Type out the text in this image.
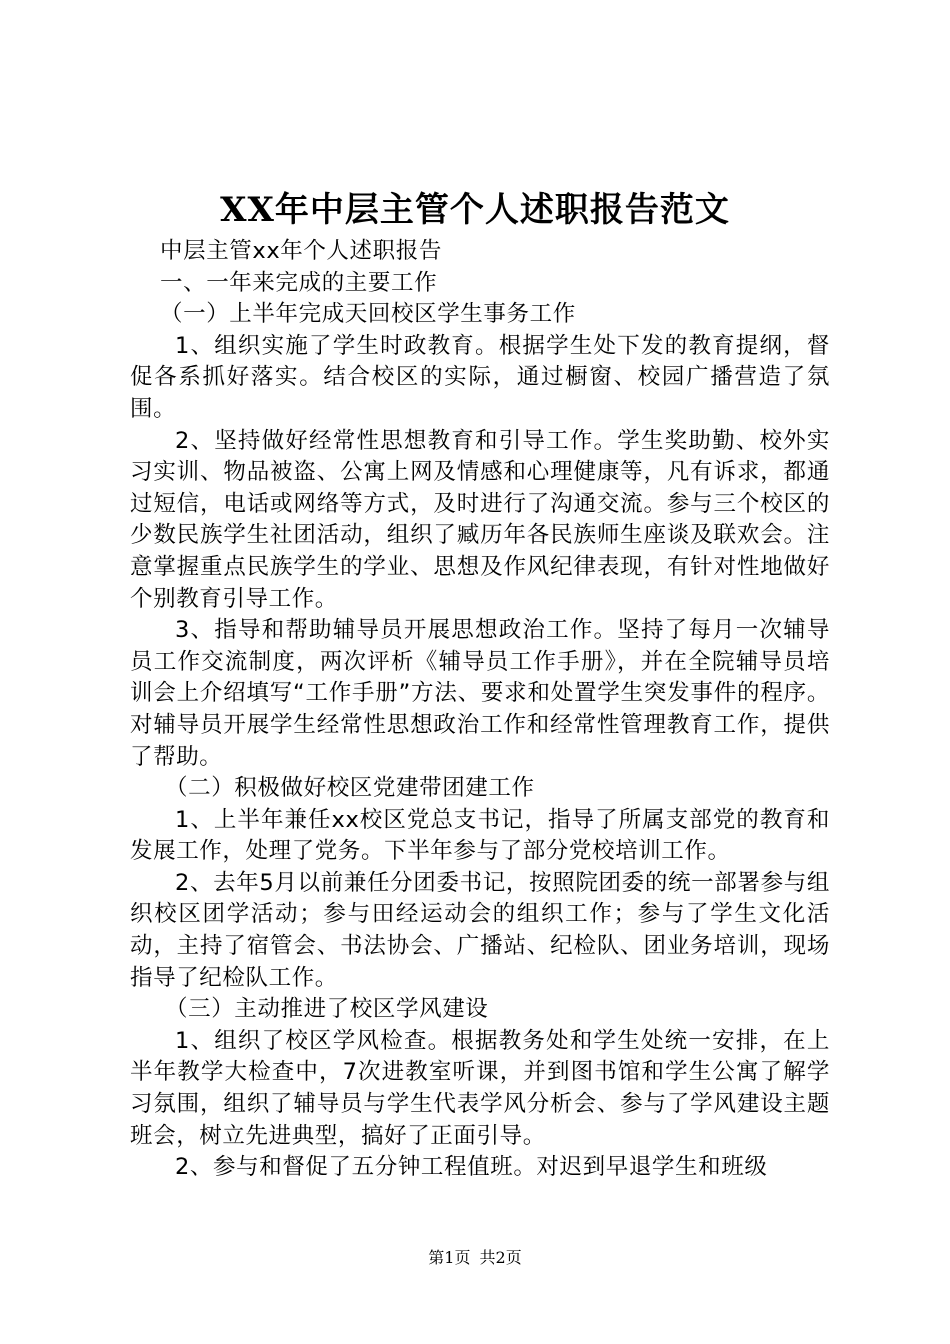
XX年中层主管个人述职报告范文

中层主管xx年个人述职报告

一、一年来完成的主要工作

（一）上半年完成天回校区学生事务工作

1、组织实施了学生时政教育。根据学生处下发的教育提纲，督促各系抓好落实。结合校区的实际，通过橱窗、校园广播营造了氛围。

2、坚持做好经常性思想教育和引导工作。学生奖助勤、校外实习实训、物品被盗、公寓上网及情感和心理健康等，凡有诉求，都通过短信，电话或网络等方式，及时进行了沟通交流。参与三个校区的少数民族学生社团活动，组织了臧历年各民族师生座谈及联欢会。注意掌握重点民族学生的学业、思想及作风纪律表现，有针对性地做好个别教育引导工作。

3、指导和帮助辅导员开展思想政治工作。坚持了每月一次辅导员工作交流制度，两次评析《辅导员工作手册》，并在全院辅导员培训会上介绍填写“工作手册”方法、要求和处置学生突发事件的程序。对辅导员开展学生经常性思想政治工作和经常性管理教育工作，提供了帮助。

（二）积极做好校区党建带团建工作

1、上半年兼任xx校区党总支书记，指导了所属支部党的教育和发展工作，处理了党务。下半年参与了部分党校培训工作。

2、去年5月以前兼任分团委书记，按照院团委的统一部署参与组织校区团学活动；参与田经运动会的组织工作；参与了学生文化活动，主持了宿管会、书法协会、广播站、纪检队、团业务培训，现场指导了纪检队工作。

（三）主动推进了校区学风建设

1、组织了校区学风检查。根据教务处和学生处统一安排，在上半年教学大检查中，7次进教室听课，并到图书馆和学生公寓了解学习氛围，组织了辅导员与学生代表学风分析会、参与了学风建设主题班会，树立先进典型，搞好了正面引导。

2、参与和督促了五分钟工程值班。对迟到早退学生和班级

第1页 共2页
